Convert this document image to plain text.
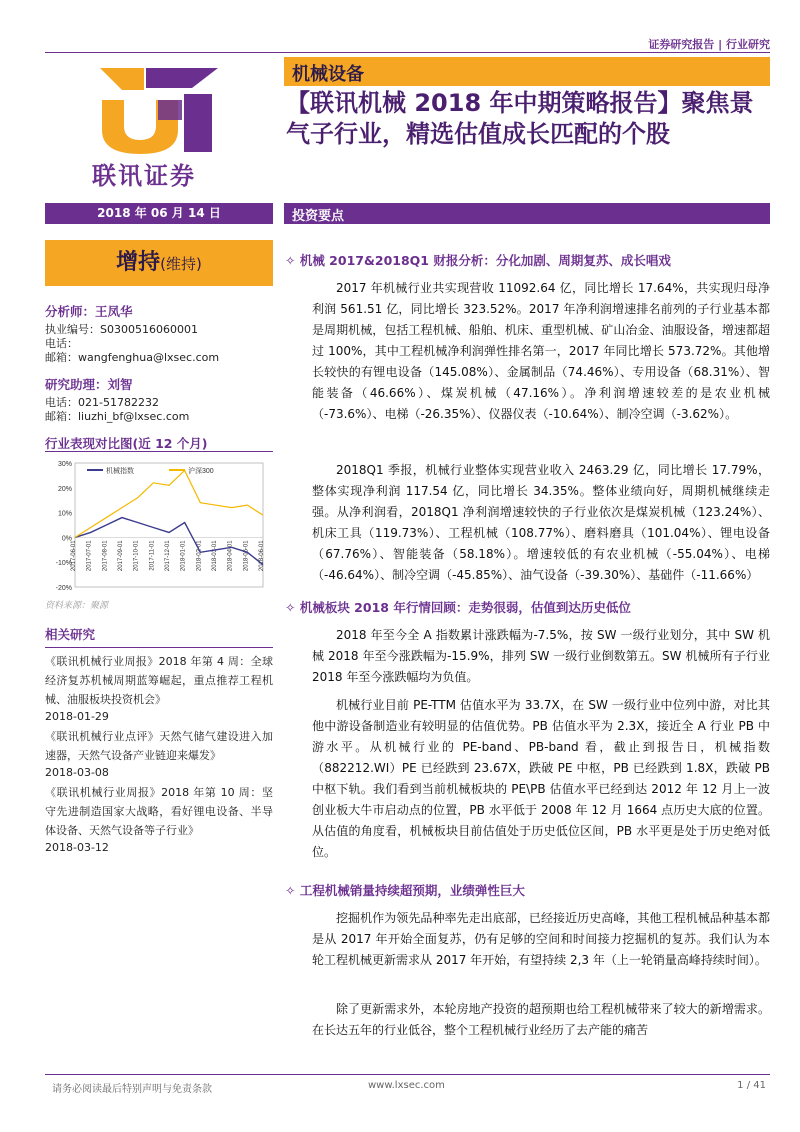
证券研究报告 | 行业研究
联讯证券
机械设备
【联讯机械 2018 年中期策略报告】聚焦景气子行业，精选估值成长匹配的个股
2018 年 06 月 14 日	投资要点
增持(维持)
分析师：王凤华
执业编号：S0300516060001
电话：
邮箱：wangfenghua@lxsec.com
研究助理：刘智
电话：021-51782232
邮箱：liuzhi_bf@lxsec.com
行业表现对比图(近 12 个月)
30%
20%
10%
0%
-10%
-20%
2017-06-01 2017-07-01 2017-08-01 2017-09-01 2017-10-01 2017-11-01 2017-12-01 2018-01-01 2018-02-01 2018-03-01 2018-04-01 2018-05-01 2018-06-01
机械指数	沪深300
资料来源：聚源
相关研究
《联讯机械行业周报》2018 年第 4 周：全球经济复苏机械周期蓝筹崛起，重点推荐工程机械、油服板块投资机会》
2018-01-29
《联讯机械行业点评》天然气储气建设进入加速器，天然气设备产业链迎来爆发》
2018-03-08
《联讯机械行业周报》2018 年第 10 周：坚守先进制造国家大战略，看好锂电设备、半导体设备、天然气设备等子行业》
2018-03-12
✧ 机械 2017&2018Q1 财报分析：分化加剧、周期复苏、成长唱戏
2017 年机械行业共实现营收 11092.64 亿，同比增长 17.64%，共实现归母净利润 561.51 亿，同比增长 323.52%。2017 年净利润增速排名前列的子行业基本都是周期机械，包括工程机械、船舶、机床、重型机械、矿山冶金、油服设备，增速都超过 100%，其中工程机械净利润弹性排名第一，2017 年同比增长 573.72%。其他增长较快的有锂电设备（145.08%）、金属制品（74.46%）、专用设备（68.31%）、智能装备（46.66%）、煤炭机械（47.16%）。净利润增速较差的是农业机械（-73.6%）、电梯（-26.35%）、仪器仪表（-10.64%）、制冷空调（-3.62%）。
2018Q1 季报，机械行业整体实现营业收入 2463.29 亿，同比增长 17.79%，整体实现净利润 117.54 亿，同比增长 34.35%。整体业绩向好，周期机械继续走强。从净利润看，2018Q1 净利润增速较快的子行业依次是煤炭机械（123.24%）、机床工具（119.73%）、工程机械（108.77%）、磨料磨具（101.04%）、锂电设备（67.76%）、智能装备（58.18%）。增速较低的有农业机械（-55.04%）、电梯（-46.64%）、制冷空调（-45.85%）、油气设备（-39.30%）、基础件（-11.66%）
✧ 机械板块 2018 年行情回顾：走势很弱，估值到达历史低位
2018 年至今全 A 指数累计涨跌幅为-7.5%，按 SW 一级行业划分，其中 SW 机械 2018 年至今涨跌幅为-15.9%，排列 SW 一级行业倒数第五。SW 机械所有子行业 2018 年至今涨跌幅均为负值。
机械行业目前 PE-TTM 估值水平为 33.7X，在 SW 一级行业中位列中游，对比其他中游设备制造业有较明显的估值优势。PB 估值水平为 2.3X，接近全 A 行业 PB 中游水平。从机械行业的 PE-band、PB-band 看，截止到报告日，机械指数（882212.WI）PE 已经跌到 23.67X，跌破 PE 中枢，PB 已经跌到 1.8X，跌破 PB 中枢下轨。我们看到当前机械板块的 PE\PB 估值水平已经到达 2012 年 12 月上一波创业板大牛市启动点的位置，PB 水平低于 2008 年 12 月 1664 点历史大底的位置。从估值的角度看，机械板块目前估值处于历史低位区间，PB 水平更是处于历史绝对低位。
✧ 工程机械销量持续超预期，业绩弹性巨大
挖掘机作为领先品种率先走出底部，已经接近历史高峰，其他工程机械品种基本都是从 2017 年开始全面复苏，仍有足够的空间和时间接力挖掘机的复苏。我们认为本轮工程机械更新需求从 2017 年开始，有望持续 2,3 年（上一轮销量高峰持续时间）。
除了更新需求外，本轮房地产投资的超预期也给工程机械带来了较大的新增需求。在长达五年的行业低谷，整个工程机械行业经历了去产能的痛苦
请务必阅读最后特别声明与免责条款	www.lxsec.com	1 / 41
